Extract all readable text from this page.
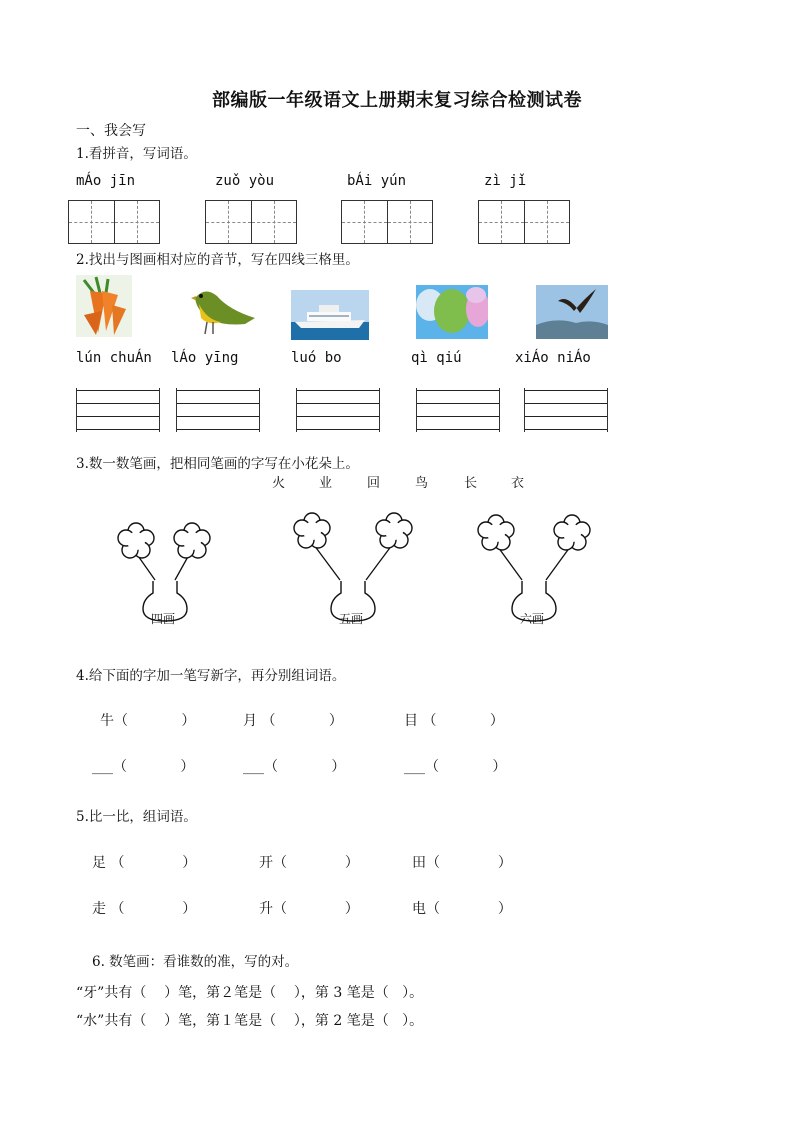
部编版一年级语文上册期末复习综合检测试卷
一、我会写
1.看拼音，写词语。
mÁo jīn	zuǒ yòu	bÁi yún	zì jǐ
2.找出与图画相对应的音节，写在四线三格里。
lún chuÁn lÁo yīng	luó bo	qì qiú	xiÁo niÁo
3.数一数笔画，把相同笔画的字写在小花朵上。
火	业	回	鸟	长	衣
四画	五画	六画
4.给下面的字加一笔写新字，再分别组词语。
牛（            ）	月 （            ）	目 （            ）
___（            ）	___（            ）	___（            ）
5.比一比，组词语。
足 （             ）	开（             ）	田（             ）
走 （             ）	升（             ）	电（             ）
6. 数笔画：看谁数的准，写的对。
“牙”共有（    ）笔，第２笔是（    ），第 3 笔是（   ）。
“水”共有（    ）笔，第１笔是（    ），第 2 笔是（   ）。
